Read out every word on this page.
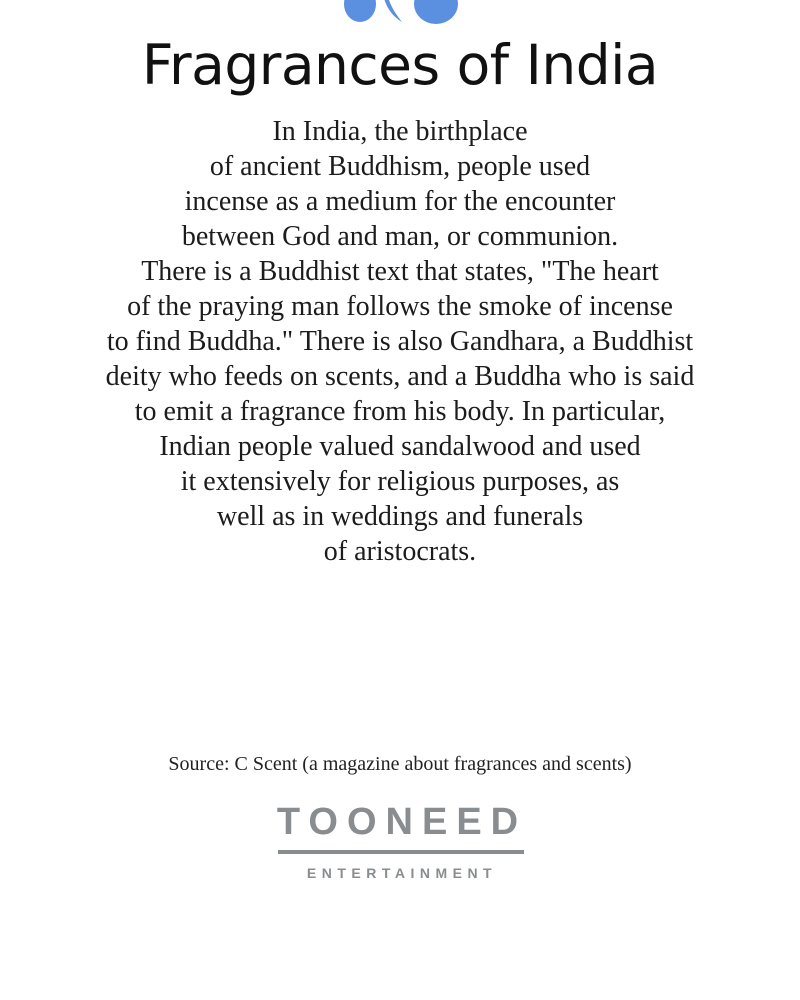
Fragrances of India
In India, the birthplace
of ancient Buddhism, people used
incense as a medium for the encounter
between God and man, or communion.
There is a Buddhist text that states, "The heart
of the praying man follows the smoke of incense
to find Buddha." There is also Gandhara, a Buddhist
deity who feeds on scents, and a Buddha who is said
to emit a fragrance from his body. In particular,
Indian people valued sandalwood and used
it extensively for religious purposes, as
well as in weddings and funerals
of aristocrats.
Source: C Scent (a magazine about fragrances and scents)
TOONEED
ENTERTAINMENT
